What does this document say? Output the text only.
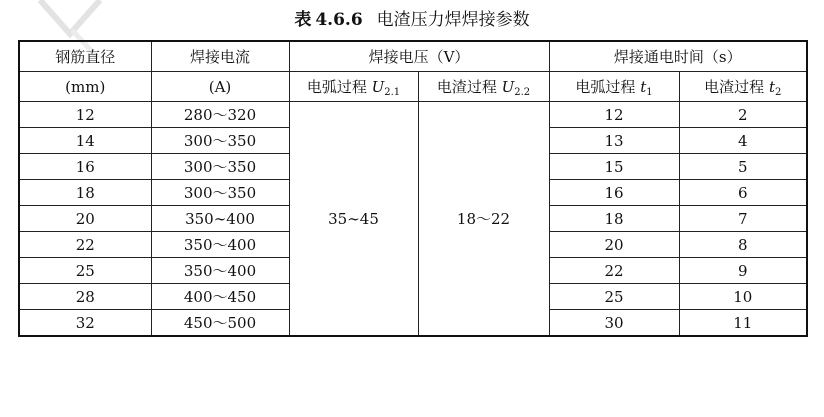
表 4.6.6 电渣压力焊焊接参数
钢筋直径	焊接电流	焊接电压（V）		焊接通电时间（s）	
(mm)	(A)	电弧过程 $U_{2.1}$	电渣过程 $U_{2.2}$	电弧过程 $t_1$	电渣过程 $t_2$
12	280～320	35∼45	18～22	12	2
14	300～350			13	4
16	300～350			15	5
18	300～350			16	6
20	350∼400			18	7
22	350～400			20	8
25	350～400			22	9
28	400～450			25	10
32	450～500			30	11
